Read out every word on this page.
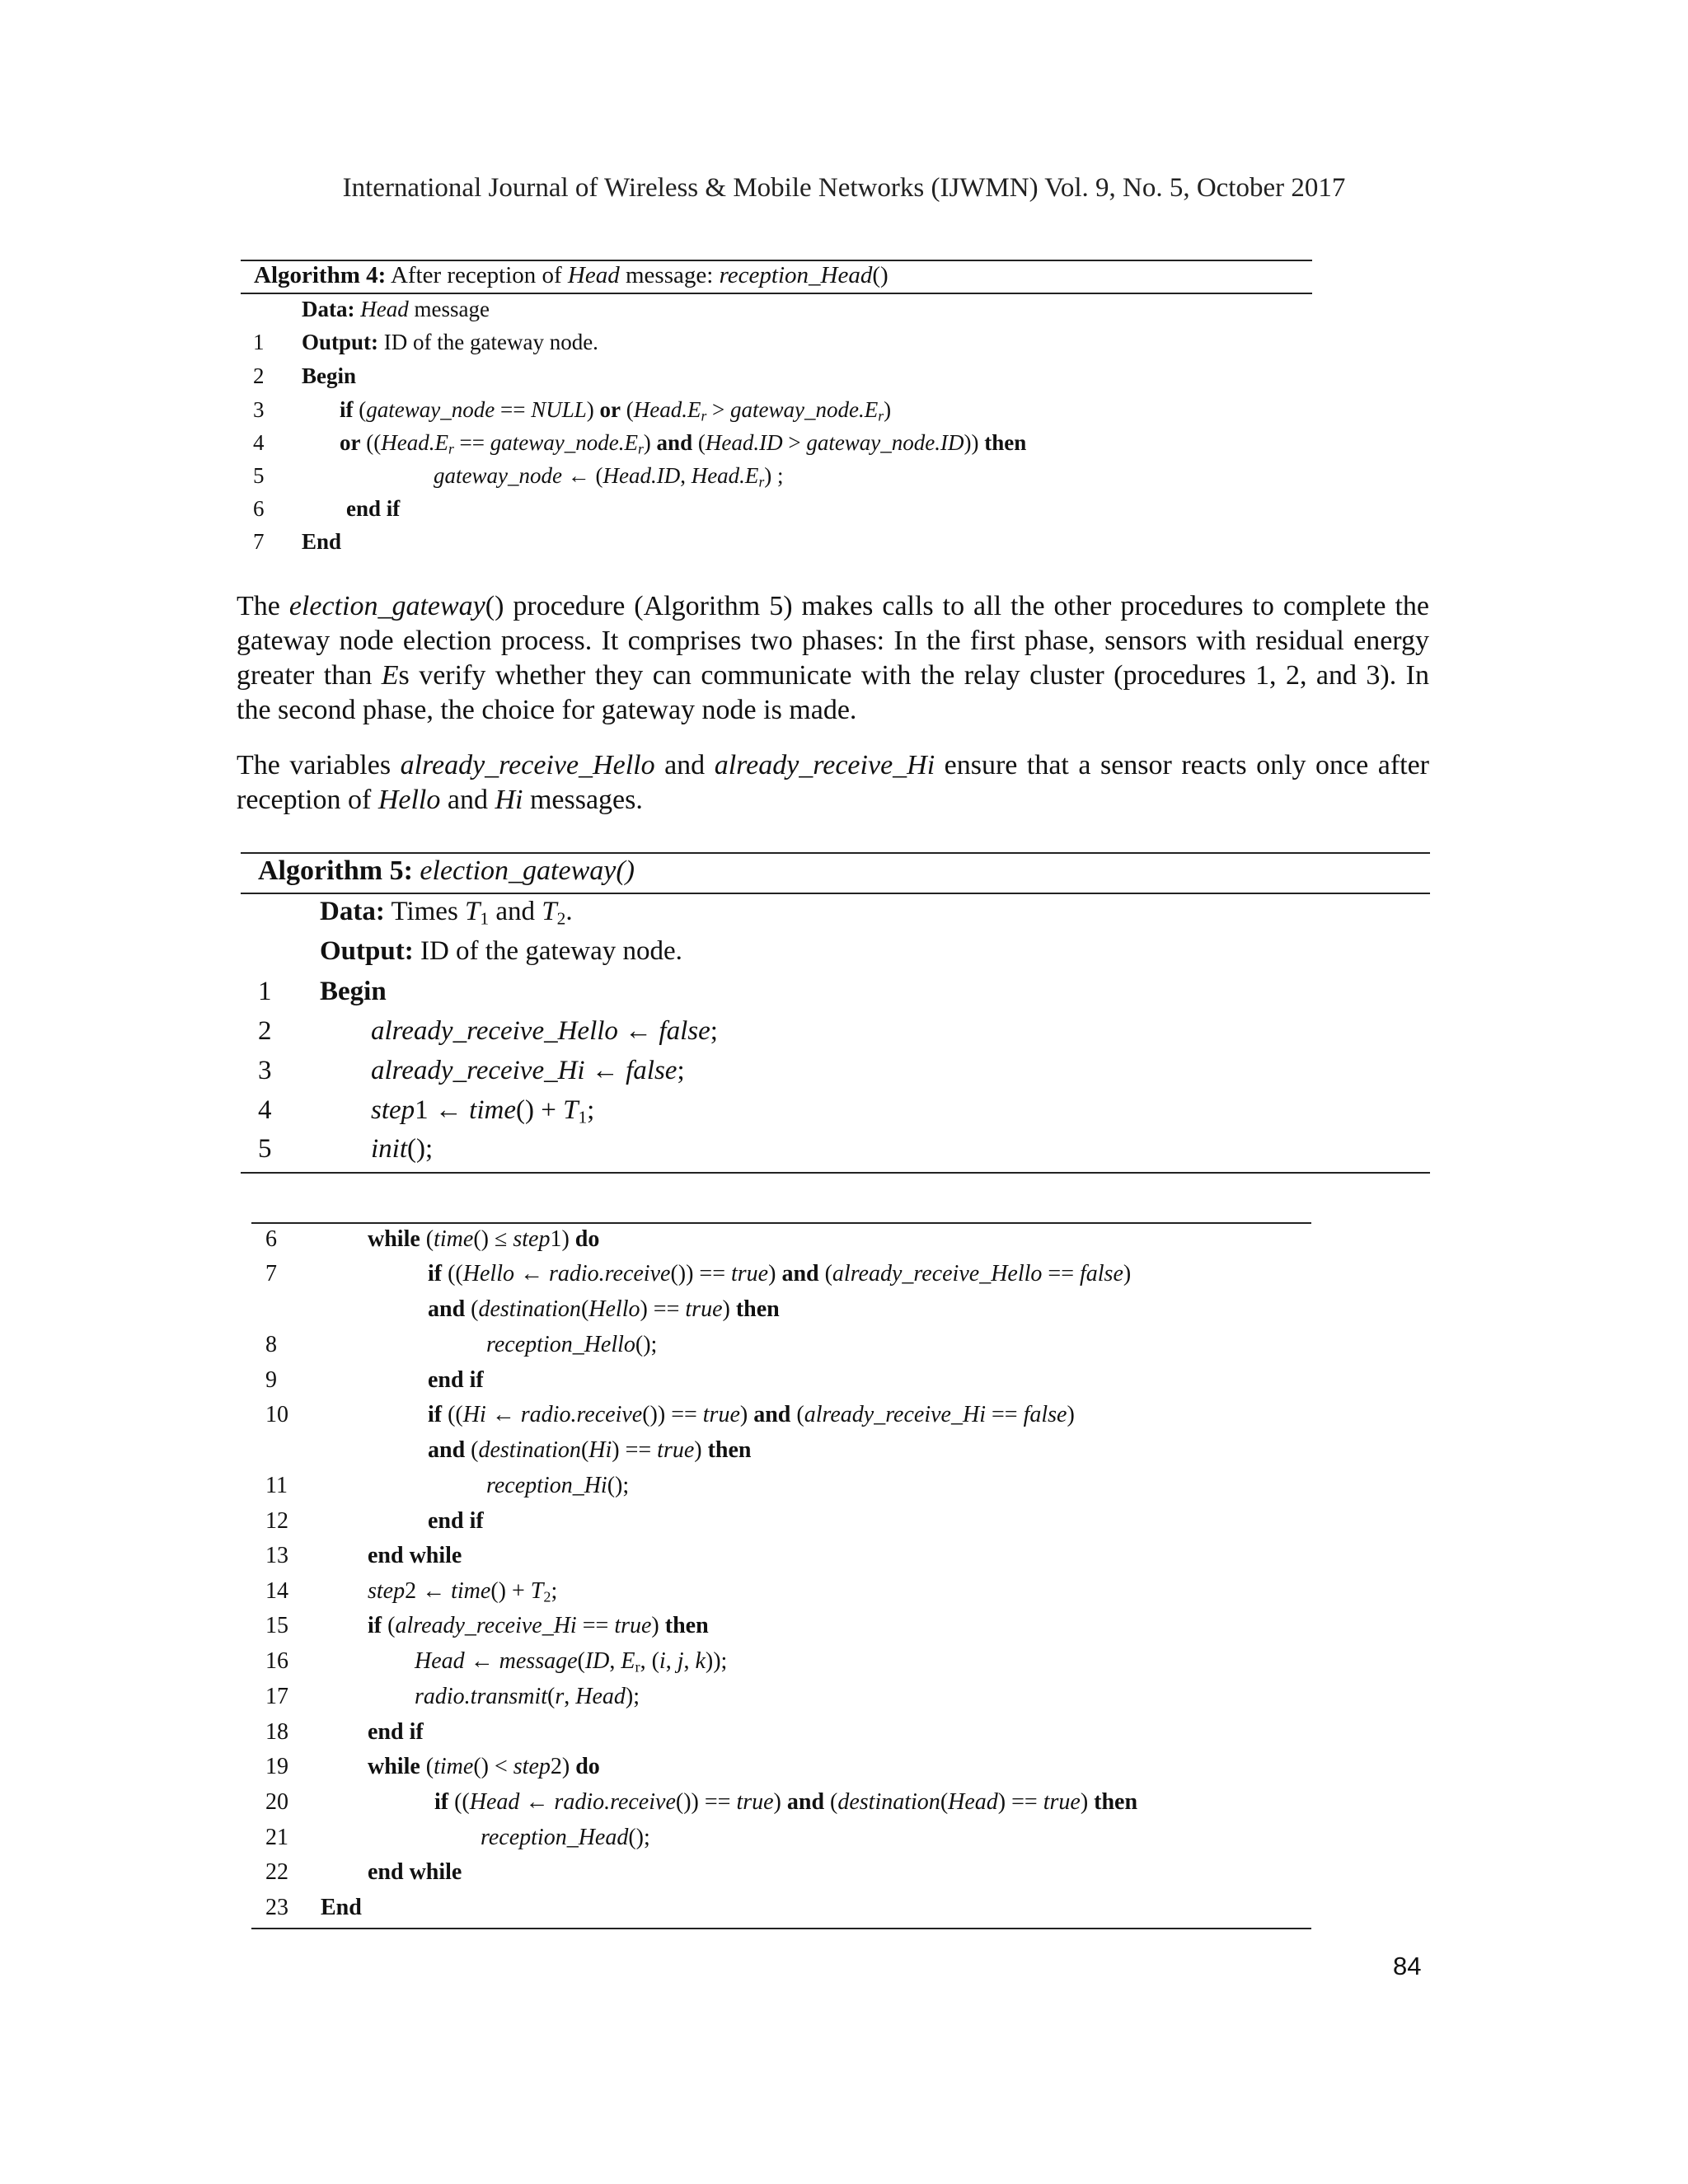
International Journal of Wireless & Mobile Networks (IJWMN) Vol. 9, No. 5, October 2017
Algorithm 4: After reception of Head message: reception_Head()
Data: Head message
1 Output: ID of the gateway node.
2 Begin
3	if (gateway_node == NULL) or ($Head.E_r$ > $gateway\_node.E_r$)
4	or (($Head.E_r$ == $gateway\_node.E_r$) and (Head.ID > gateway_node.ID)) then
5	gateway_node ← (Head.ID, $Head.E_r$) ;
6	end if
7 End

The election_gateway() procedure (Algorithm 5) makes calls to all the other procedures to complete the gateway node election process. It comprises two phases: In the first phase, sensors with residual energy greater than Es verify whether they can communicate with the relay cluster (procedures 1, 2, and 3). In the second phase, the choice for gateway node is made.

The variables already_receive_Hello and already_receive_Hi ensure that a sensor reacts only once after reception of Hello and Hi messages.

Algorithm 5: election_gateway()
Data: Times $T_1$ and $T_2$.
Output: ID of the gateway node.
1 Begin
2	already_receive_Hello ← false;
3	already_receive_Hi ← false;
4	step1 ← time() + $T_1$;
5	init();
6	while (time() ≤ step1) do
7	if ((Hello ← radio.receive()) == true) and (already_receive_Hello == false)
and (destination(Hello) == true) then
8	reception_Hello();
9	end if
10	if ((Hi ← radio.receive()) == true) and (already_receive_Hi == false)
and (destination(Hi) == true) then
11	reception_Hi();
12	end if
13	end while
14	step2 ← time() + $T_2$;
15	if (already_receive_Hi == true) then
16	Head ← message(ID, $E_r$, (i, j, k));
17	radio.transmit(r, Head);
18	end if
19	while (time() < step2) do
20	if ((Head ← radio.receive()) == true) and (destination(Head) == true) then
21	reception_Head();
22	end while
23 End
84
